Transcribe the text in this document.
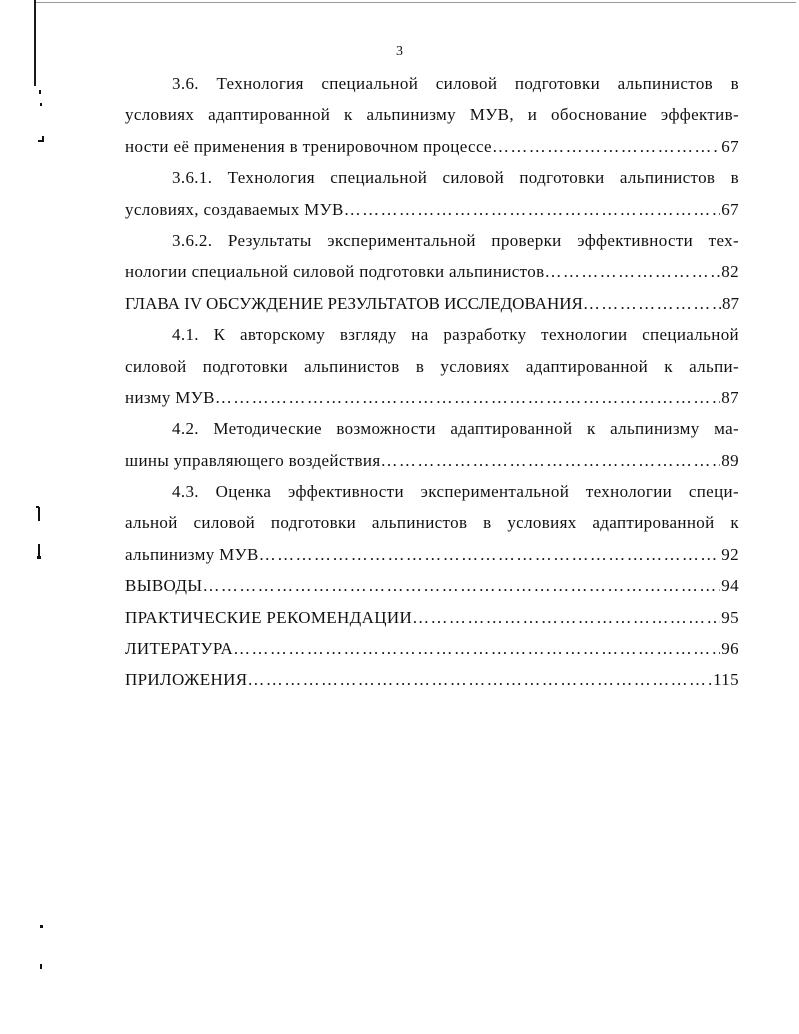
3
3.6. Технология специальной силовой подготовки альпинистов в
условиях адаптированной к альпинизму МУВ, и обоснование эффектив-
ности её применения в тренировочном процессе ……………………………………………………………………………………………………………………………………	67
3.6.1. Технология специальной силовой подготовки альпинистов в
условиях, создаваемых МУВ ……………………………………………………………………………………………………………………………………	67
3.6.2. Результаты экспериментальной проверки эффективности тех-
нологии специальной силовой подготовки альпинистов ……………………………………………………………………………………………………………………………………	82
ГЛАВА IV ОБСУЖДЕНИЕ РЕЗУЛЬТАТОВ ИССЛЕДОВАНИЯ ……………………………………………………………………………………………………………………………………	87
4.1. К авторскому взгляду на разработку технологии специальной
силовой подготовки альпинистов в условиях адаптированной к альпи-
низму МУВ ……………………………………………………………………………………………………………………………………	87
4.2. Методические возможности адаптированной к альпинизму ма-
шины управляющего воздействия ……………………………………………………………………………………………………………………………………	89
4.3. Оценка эффективности экспериментальной технологии специ-
альной силовой подготовки альпинистов в условиях адаптированной к
альпинизму МУВ ……………………………………………………………………………………………………………………………………	92
ВЫВОДЫ ……………………………………………………………………………………………………………………………………	94
ПРАКТИЧЕСКИЕ РЕКОМЕНДАЦИИ ……………………………………………………………………………………………………………………………………	95
ЛИТЕРАТУРА ……………………………………………………………………………………………………………………………………	96
ПРИЛОЖЕНИЯ ……………………………………………………………………………………………………………………………………	115
